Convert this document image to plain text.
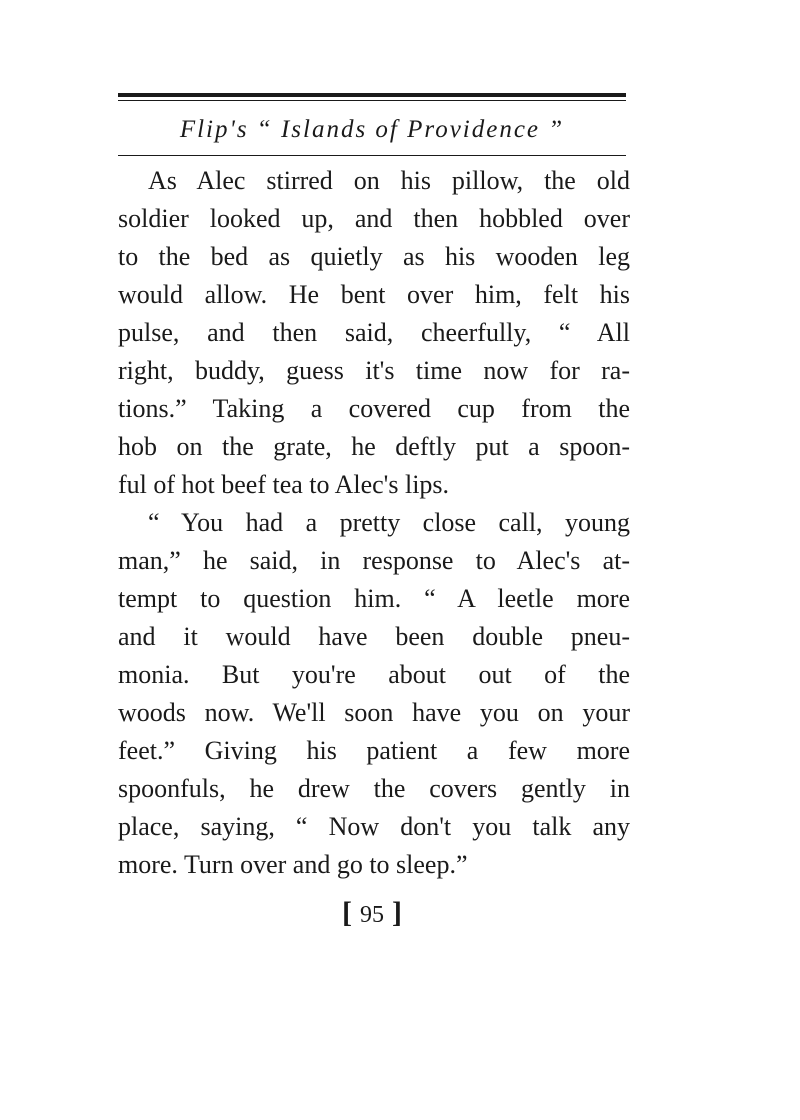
Flip's “ Islands of Providence ”
As Alec stirred on his pillow, the old
soldier looked up, and then hobbled over
to the bed as quietly as his wooden leg
would allow. He bent over him, felt his
pulse, and then said, cheerfully, “ All
right, buddy, guess it's time now for ra-
tions.” Taking a covered cup from the
hob on the grate, he deftly put a spoon-
ful of hot beef tea to Alec's lips.
“ You had a pretty close call, young
man,” he said, in response to Alec's at-
tempt to question him. “ A leetle more
and it would have been double pneu-
monia. But you're about out of the
woods now. We'll soon have you on your
feet.” Giving his patient a few more
spoonfuls, he drew the covers gently in
place, saying, “ Now don't you talk any
more. Turn over and go to sleep.”
[ 95 ]
